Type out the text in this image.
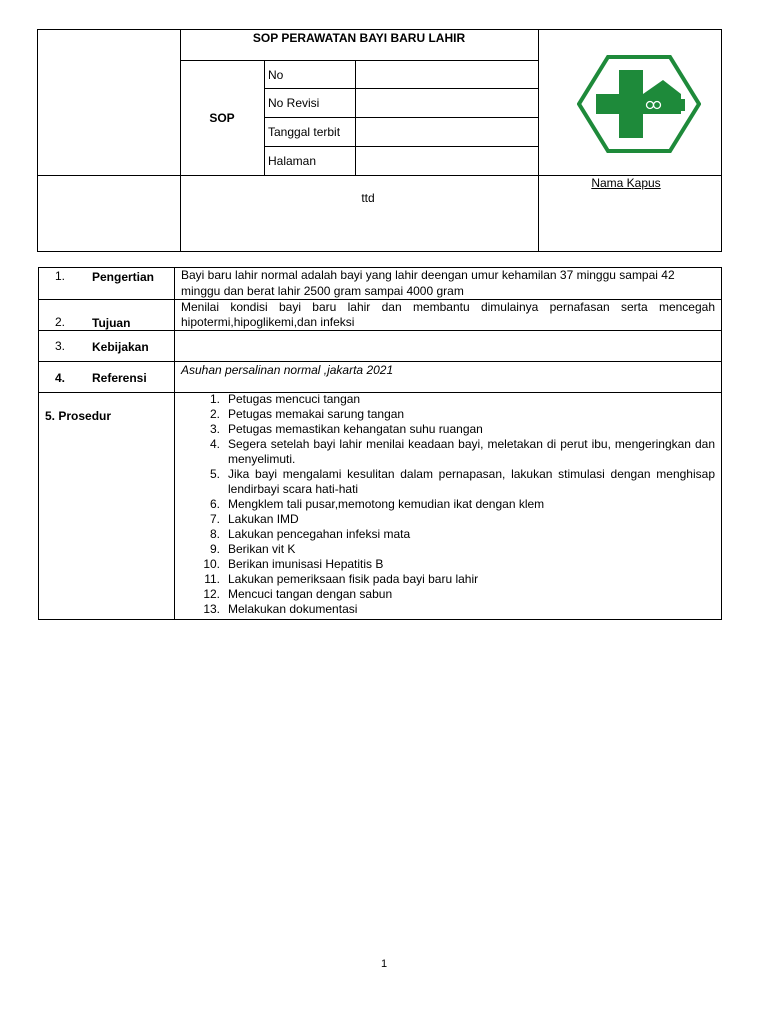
SOP PERAWATAN BAYI BARU LAHIR
SOP
No
No Revisi
Tanggal terbit
Halaman
ttd
Nama Kapus
1. Pengertian Bayi baru lahir normal adalah bayi yang lahir deengan umur kehamilan 37 minggu sampai 42
minggu dan berat lahir 2500 gram sampai 4000 gram
2. Tujuan
Menilai kondisi bayi baru lahir dan membantu dimulainya pernafasan serta mencegah
hipotermi,hipoglikemi,dan infeksi
3. Kebijakan
4. Referensi
Asuhan persalinan normal ,jakarta 2021
5. Prosedur
1. Petugas mencuci tangan
2. Petugas memakai sarung tangan
3. Petugas memastikan kehangatan suhu ruangan
4. Segera setelah bayi lahir menilai keadaan bayi, meletakan di perut ibu, mengeringkan dan menyelimuti.
5. Jika bayi mengalami kesulitan dalam pernapasan, lakukan stimulasi dengan menghisap lendirbayi scara hati-hati
6. Mengklem tali pusar,memotong kemudian ikat dengan klem
7. Lakukan IMD
8. Lakukan pencegahan infeksi mata
9. Berikan vit K
10. Berikan imunisasi Hepatitis B
11. Lakukan pemeriksaan fisik pada bayi baru lahir
12. Mencuci tangan dengan sabun
13. Melakukan dokumentasi
1
